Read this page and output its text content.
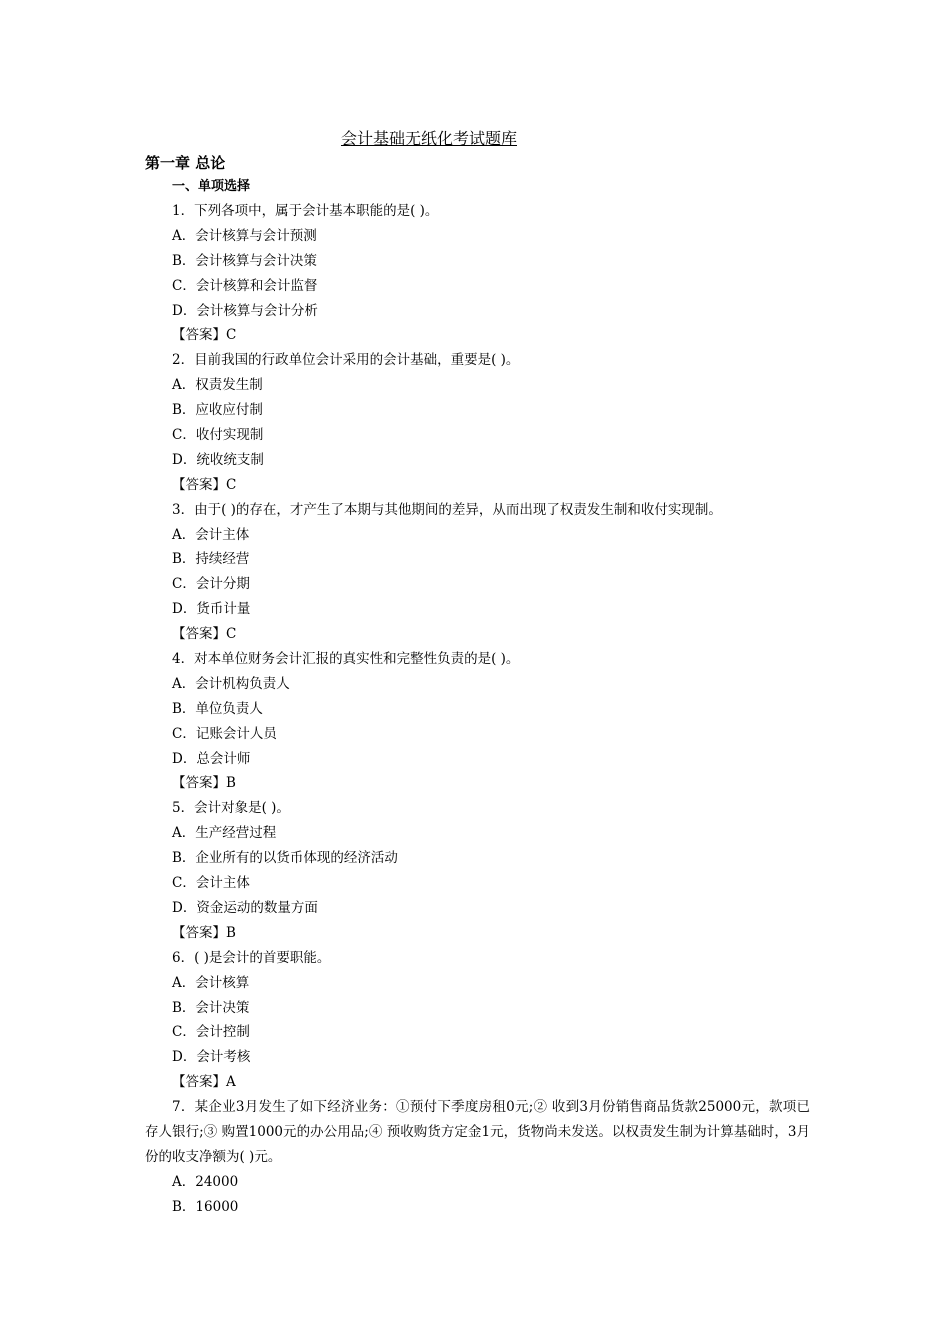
会计基础无纸化考试题库
第一章 总论
一、单项选择
1．下列各项中，属于会计基本职能的是( )。
A．会计核算与会计预测
B．会计核算与会计决策
C．会计核算和会计监督
D．会计核算与会计分析
【答案】C
2．目前我国的行政单位会计采用的会计基础，重要是( )。
A．权责发生制
B．应收应付制
C．收付实现制
D．统收统支制
【答案】C
3．由于( )的存在，才产生了本期与其他期间的差异，从而出现了权责发生制和收付实现制。
A．会计主体
B．持续经营
C．会计分期
D．货币计量
【答案】C
4．对本单位财务会计汇报的真实性和完整性负责的是( )。
A．会计机构负责人
B．单位负责人
C．记账会计人员
D．总会计师
【答案】B
5．会计对象是( )。
A．生产经营过程
B．企业所有的以货币体现的经济活动
C．会计主体
D．资金运动的数量方面
【答案】B
6．( )是会计的首要职能。
A．会计核算
B．会计决策
C．会计控制
D．会计考核
【答案】A
7．某企业3月发生了如下经济业务：①预付下季度房租0元;② 收到3月份销售商品货款25000元，款项已存人银行;③ 购置1000元的办公用品;④ 预收购货方定金1元，货物尚未发送。以权责发生制为计算基础时，3月份的收支净额为( )元。
A．24000
B．16000
